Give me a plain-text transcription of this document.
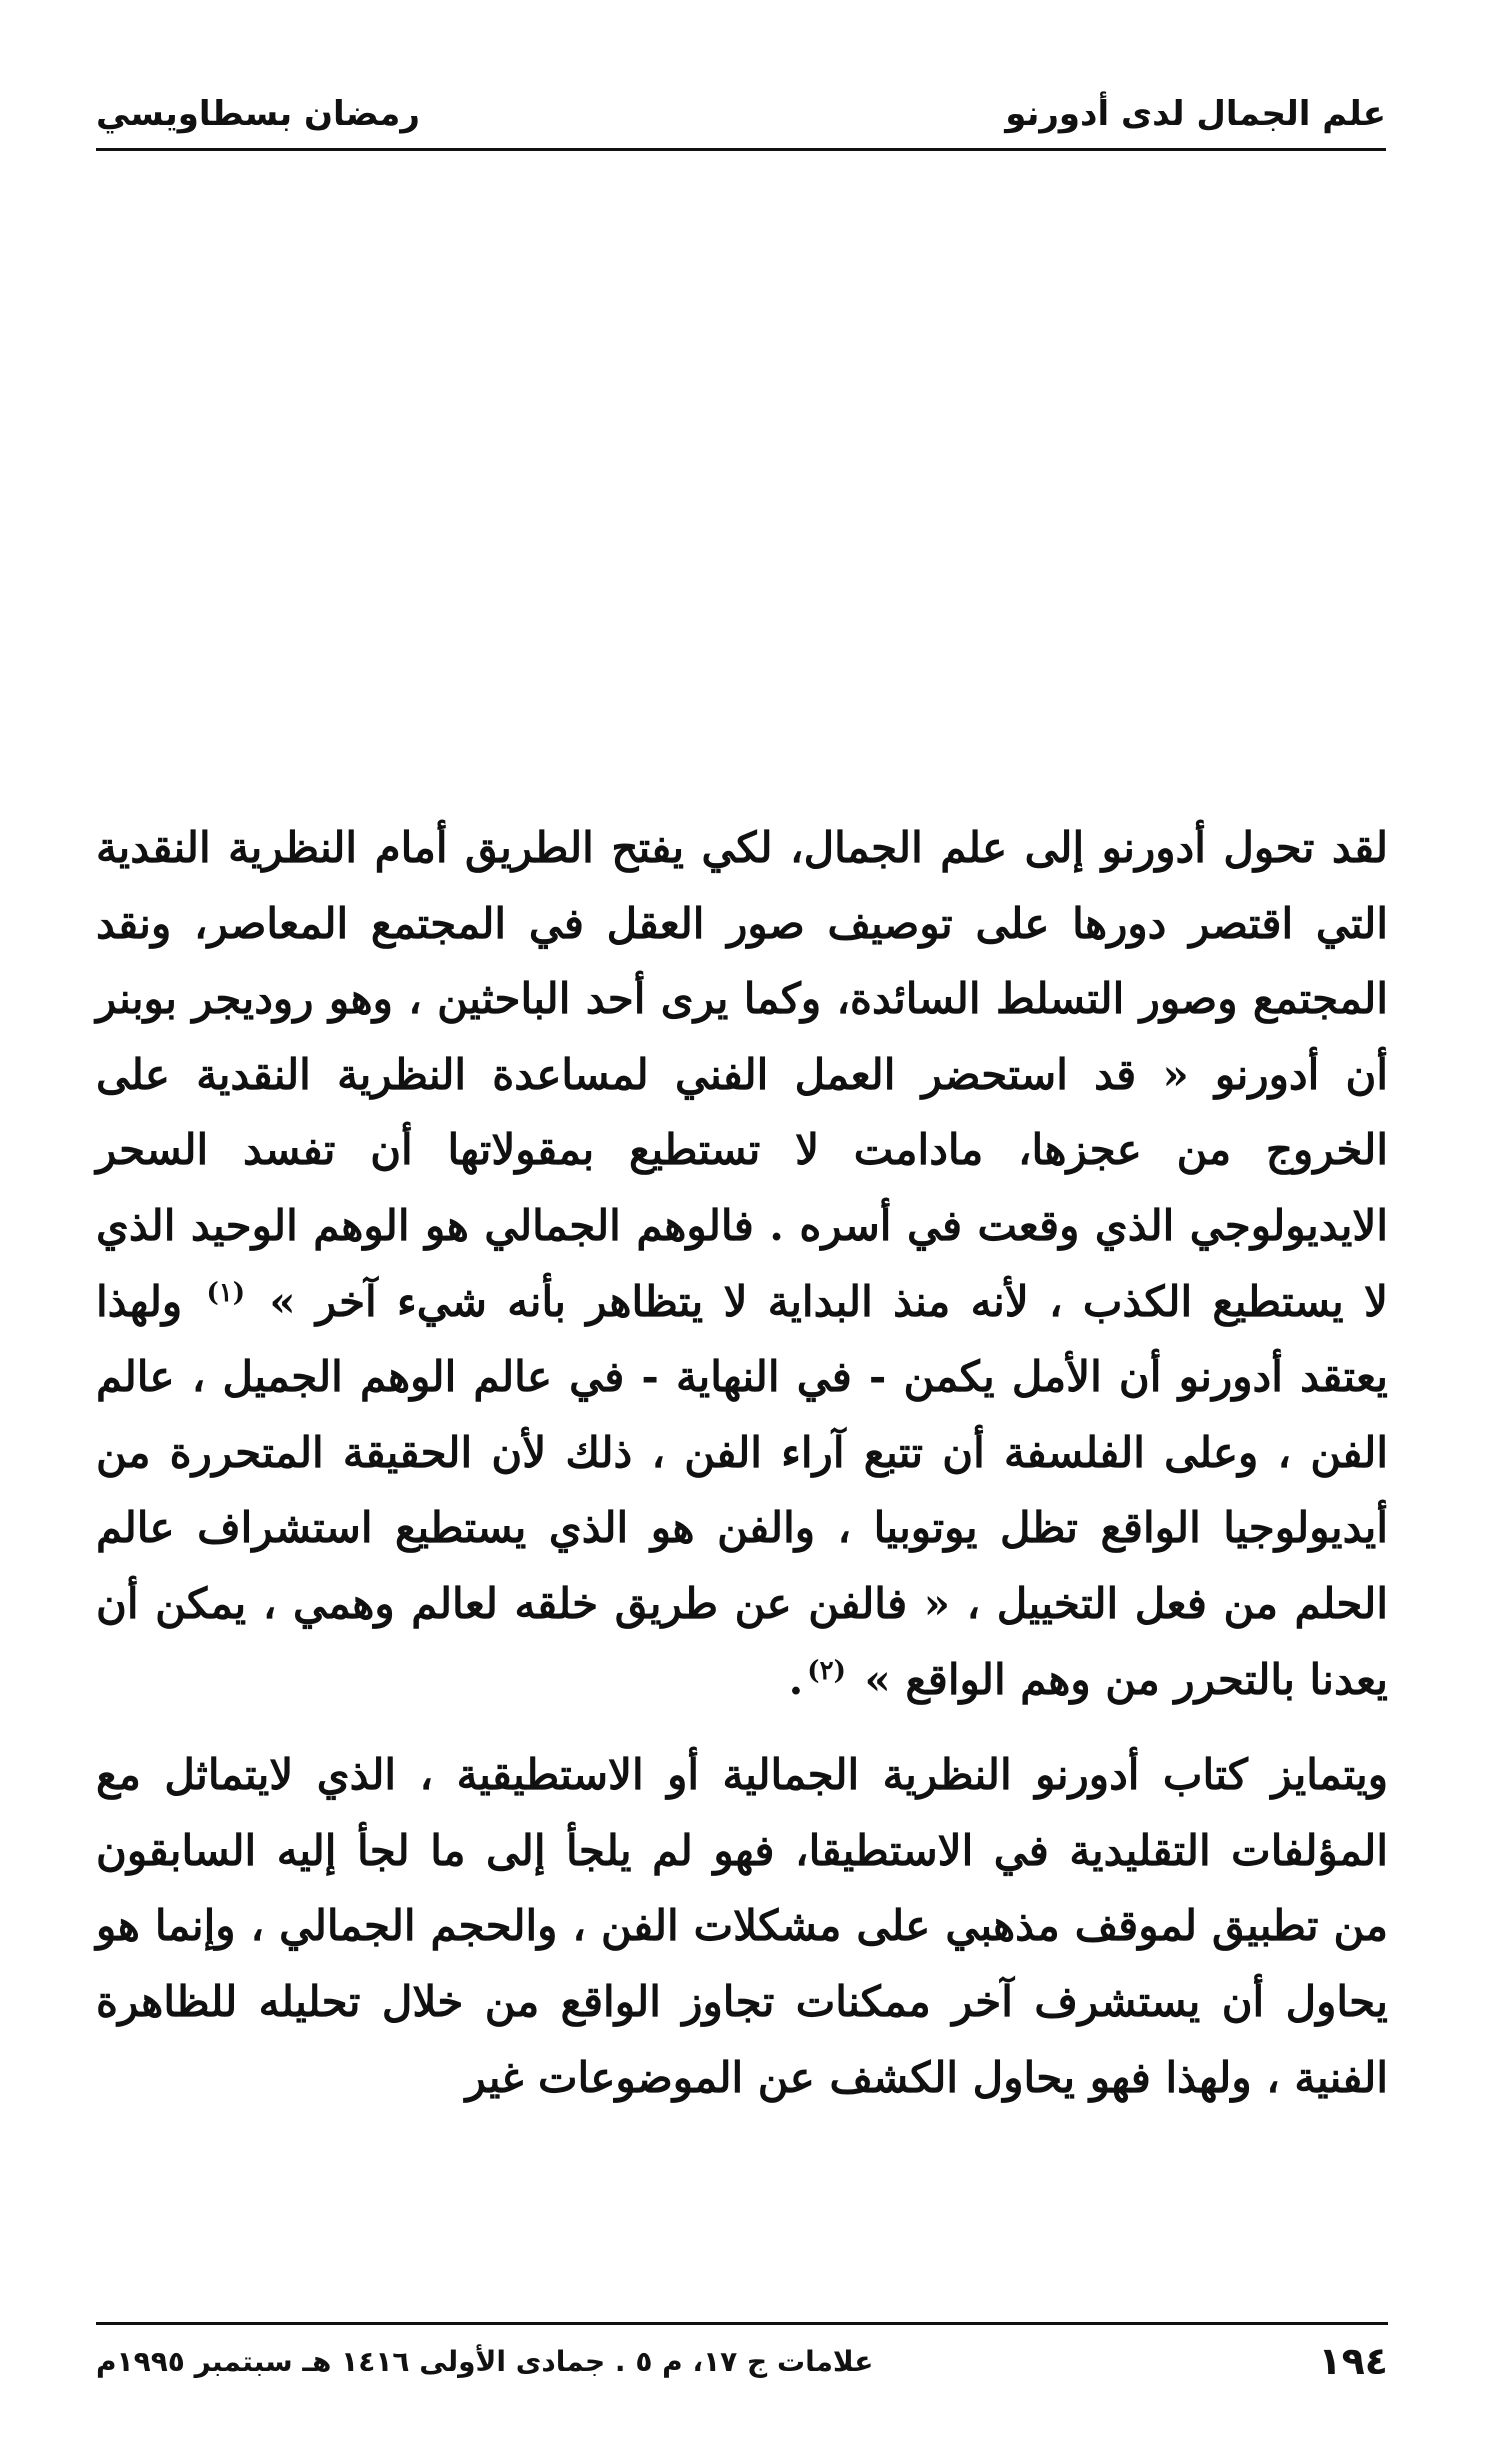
علم الجمال لدى أدورنو
رمضان بسطاويسي

لقد تحول أدورنو إلى علم الجمال، لكي يفتح الطريق أمام النظرية النقدية التي اقتصر دورها على توصيف صور العقل في المجتمع المعاصر، ونقد المجتمع وصور التسلط السائدة، وكما يرى أحد الباحثين ، وهو روديجر بوبنر أن أدورنو « قد استحضر العمل الفني لمساعدة النظرية النقدية على الخروج من عجزها، مادامت لا تستطيع بمقولاتها أن تفسد السحر الايديولوجي الذي وقعت في أسره . فالوهم الجمالي هو الوهم الوحيد الذي لا يستطيع الكذب ، لأنه منذ البداية لا يتظاهر بأنه شيء آخر » $^{(١)}$ ولهذا يعتقد أدورنو أن الأمل يكمن - في النهاية - في عالم الوهم الجميل ، عالم الفن ، وعلى الفلسفة أن تتبع آراء الفن ، ذلك لأن الحقيقة المتحررة من أيديولوجيا الواقع تظل يوتوبيا ، والفن هو الذي يستطيع استشراف عالم الحلم من فعل التخييل ، « فالفن عن طريق خلقه لعالم وهمي ، يمكن أن يعدنا بالتحرر من وهم الواقع » $^{(٢)}$.

ويتمايز كتاب أدورنو النظرية الجمالية أو الاستطيقية ، الذي لايتماثل مع المؤلفات التقليدية في الاستطيقا، فهو لم يلجأ إلى ما لجأ إليه السابقون من تطبيق لموقف مذهبي على مشكلات الفن ، والحجم الجمالي ، وإنما هو يحاول أن يستشرف آخر ممكنات تجاوز الواقع من خلال تحليله للظاهرة الفنية ، ولهذا فهو يحاول الكشف عن الموضوعات غير

١٩٤
علامات ج ١٧، م ٥ . جمادى الأولى ١٤١٦ هـ سبتمبر ١٩٩٥م
